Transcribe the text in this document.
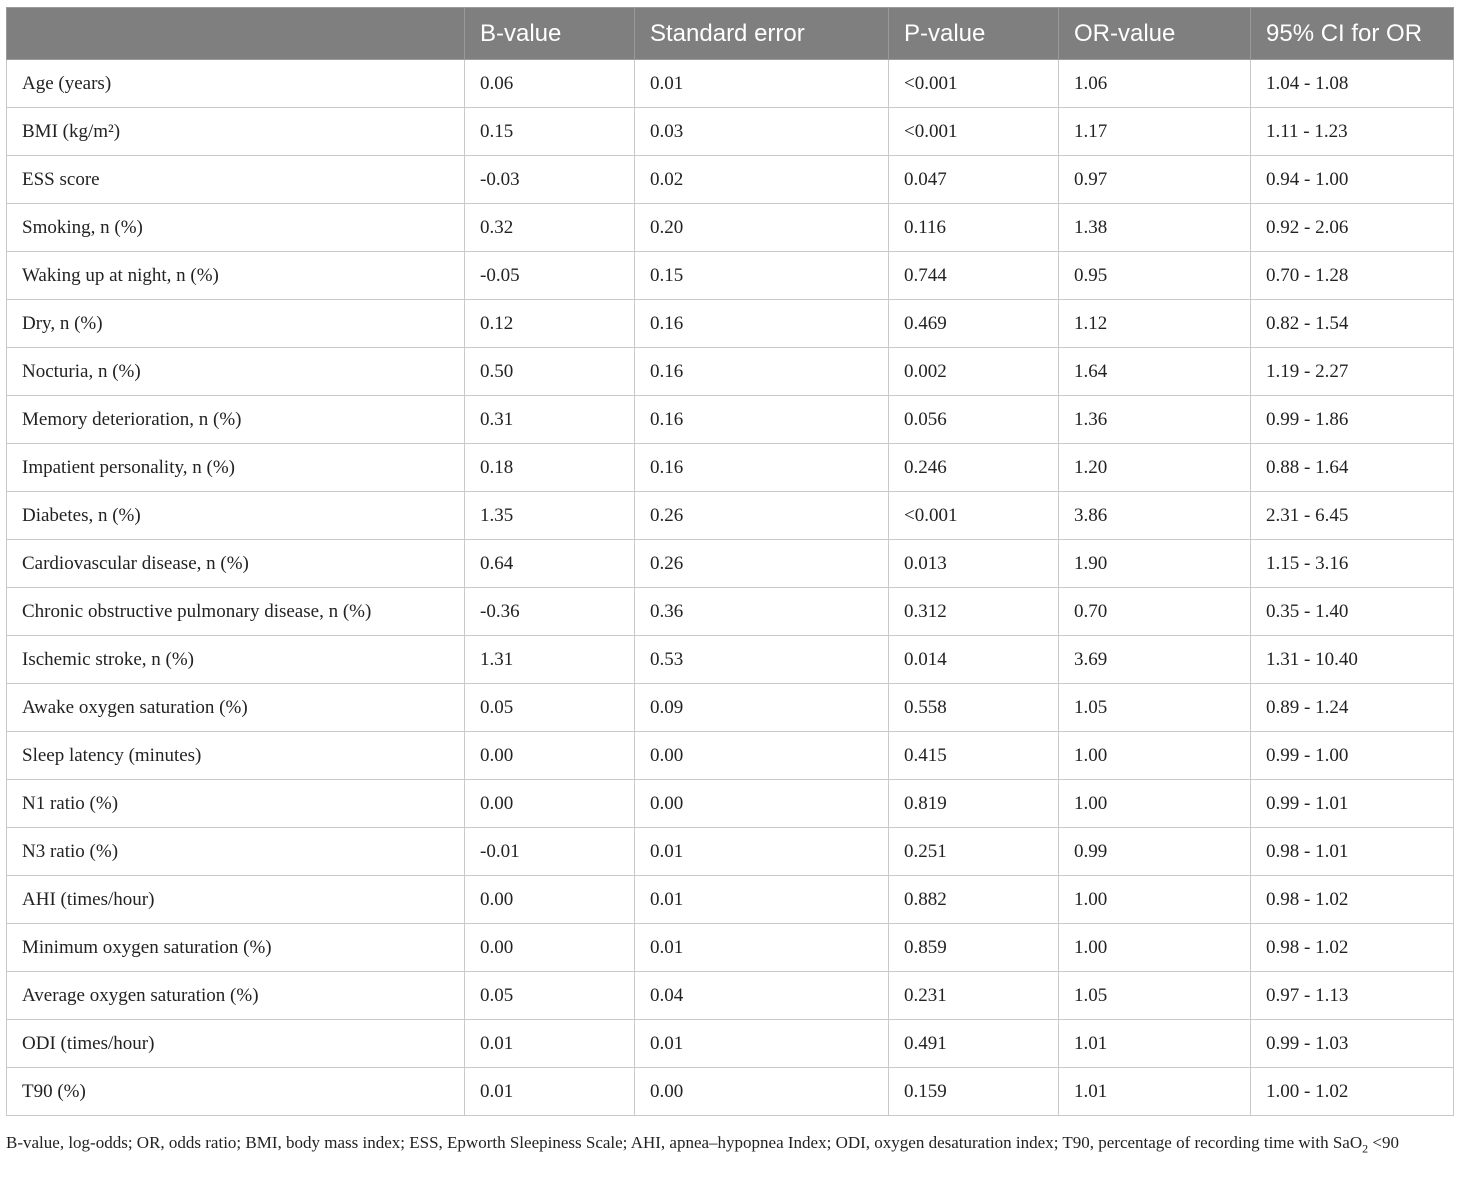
	B-value	Standard error	P-value	OR-value	95% CI for OR
Age (years)	0.06	0.01	<0.001	1.06	1.04 - 1.08
BMI (kg/m²)	0.15	0.03	<0.001	1.17	1.11 - 1.23
ESS score	-0.03	0.02	0.047	0.97	0.94 - 1.00
Smoking, n (%)	0.32	0.20	0.116	1.38	0.92 - 2.06
Waking up at night, n (%)	-0.05	0.15	0.744	0.95	0.70 - 1.28
Dry, n (%)	0.12	0.16	0.469	1.12	0.82 - 1.54
Nocturia, n (%)	0.50	0.16	0.002	1.64	1.19 - 2.27
Memory deterioration, n (%)	0.31	0.16	0.056	1.36	0.99 - 1.86
Impatient personality, n (%)	0.18	0.16	0.246	1.20	0.88 - 1.64
Diabetes, n (%)	1.35	0.26	<0.001	3.86	2.31 - 6.45
Cardiovascular disease, n (%)	0.64	0.26	0.013	1.90	1.15 - 3.16
Chronic obstructive pulmonary disease, n (%)	-0.36	0.36	0.312	0.70	0.35 - 1.40
Ischemic stroke, n (%)	1.31	0.53	0.014	3.69	1.31 - 10.40
Awake oxygen saturation (%)	0.05	0.09	0.558	1.05	0.89 - 1.24
Sleep latency (minutes)	0.00	0.00	0.415	1.00	0.99 - 1.00
N1 ratio (%)	0.00	0.00	0.819	1.00	0.99 - 1.01
N3 ratio (%)	-0.01	0.01	0.251	0.99	0.98 - 1.01
AHI (times/hour)	0.00	0.01	0.882	1.00	0.98 - 1.02
Minimum oxygen saturation (%)	0.00	0.01	0.859	1.00	0.98 - 1.02
Average oxygen saturation (%)	0.05	0.04	0.231	1.05	0.97 - 1.13
ODI (times/hour)	0.01	0.01	0.491	1.01	0.99 - 1.03
T90 (%)	0.01	0.00	0.159	1.01	1.00 - 1.02
B-value, log-odds; OR, odds ratio; BMI, body mass index; ESS, Epworth Sleepiness Scale; AHI, apnea–hypopnea Index; ODI, oxygen desaturation index; T90, percentage of recording time with SaO$_2$ <90
